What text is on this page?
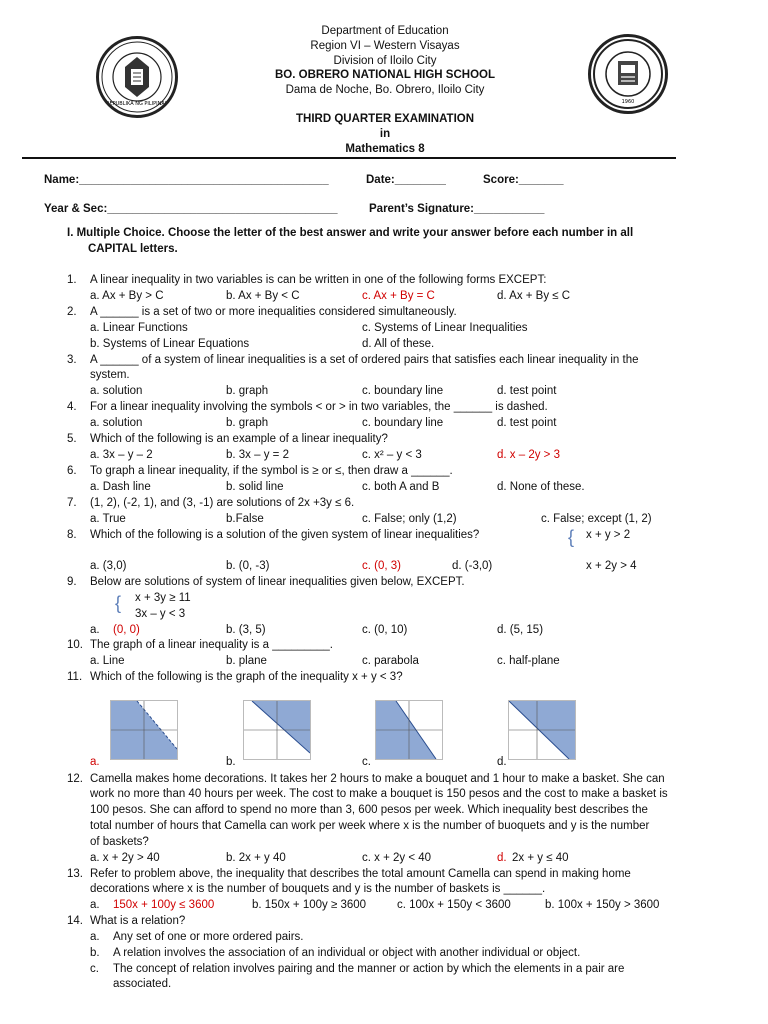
REPUBLIKA NG PILIPINAS	1960
Department of Education
Region VI – Western Visayas
Division of Iloilo City
BO. OBRERO NATIONAL HIGH SCHOOL
Dama de Noche, Bo. Obrero, Iloilo City
THIRD QUARTER EXAMINATION
in
Mathematics 8
Name:_______________________________________	Date:________	Score:_______
Year & Sec:____________________________________	Parent’s Signature:___________
I. Multiple Choice. Choose the letter of the best answer and write your answer before each number in all
CAPITAL letters.
1. A linear inequality in two variables is can be written in one of the following forms EXCEPT:
a. Ax + By > C	b. Ax + By < C	c. Ax + By = C	d. Ax + By ≤ C
2. A ______ is a set of two or more inequalities considered simultaneously.
a. Linear Functions	c. Systems of Linear Inequalities
b. Systems of Linear Equations	d. All of these.
3. A ______ of a system of linear inequalities is a set of ordered pairs that satisfies each linear inequality in the
system.
a. solution	b. graph	c. boundary line	d. test point
4. For a linear inequality involving the symbols < or > in two variables, the ______ is dashed.
a. solution	b. graph	c. boundary line	d. test point
5. Which of the following is an example of a linear inequality?
a. 3x – y – 2	b. 3x – y = 2	c. x² – y < 3	d. x – 2y > 3
6. To graph a linear inequality, if the symbol is ≥ or ≤, then draw a ______.
a. Dash line	b. solid line	c. both A and B	d. None of these.
7. (1, 2), (-2, 1), and (3, -1) are solutions of 2x +3y ≤ 6.
a. True	b.False	c. False; only (1,2)	c. False; except (1, 2)
8. Which of the following is a solution of the given system of linear inequalities?	x + y > 2
{
a. (3,0)	b. (0, -3)	c. (0, 3)	d. (-3,0)	x + 2y > 4
9. Below are solutions of system of linear inequalities given below, EXCEPT.
{ x + 3y ≥ 11
3x – y < 3
a. (0, 0)	b. (3, 5)	c. (0, 10)	d. (5, 15)
10. The graph of a linear inequality is a _________.
a. Line	b. plane	c. parabola	c. half-plane
11. Which of the following is the graph of the inequality x + y < 3?
a.	b.	c.	d.
12. Camella makes home decorations. It takes her 2 hours to make a bouquet and 1 hour to make a basket. She can
work no more than 40 hours per week. The cost to make a bouquet is 150 pesos and the cost to make a basket is
100 pesos. She can afford to spend no more than 3, 600 pesos per week. Which inequality best describes the
total number of hours that Camella can work per week where x is the number of buoquets and y is the number
of baskets?
a. x + 2y > 40	b. 2x + y 40	c. x + 2y < 40	d. 2x + y ≤ 40
13. Refer to problem above, the inequality that describes the total amount Camella can spend in making home
decorations where x is the number of bouquets and y is the number of baskets is ______.
a. 150x + 100y ≤ 3600	b. 150x + 100y ≥ 3600	c. 100x + 150y < 3600	b. 100x + 150y > 3600
14. What is a relation?
a. Any set of one or more ordered pairs.
b. A relation involves the association of an individual or object with another individual or object.
c. The concept of relation involves pairing and the manner or action by which the elements in a pair are
associated.
